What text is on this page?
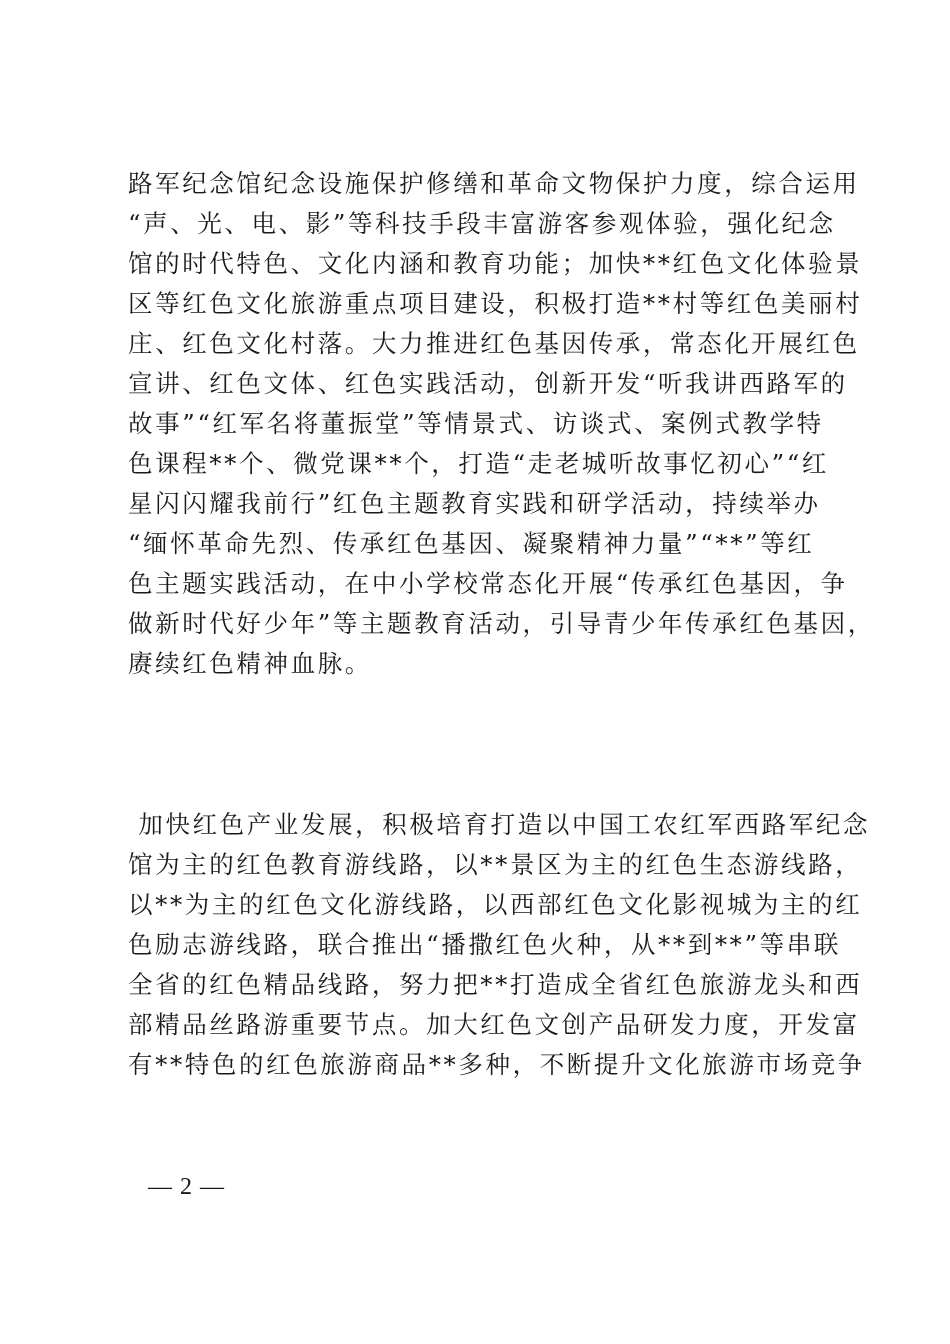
路军纪念馆纪念设施保护修缮和革命文物保护力度，综合运用
“声、光、电、影”等科技手段丰富游客参观体验，强化纪念
馆的时代特色、文化内涵和教育功能；加快**红色文化体验景
区等红色文化旅游重点项目建设，积极打造**村等红色美丽村
庄、红色文化村落。大力推进红色基因传承，常态化开展红色
宣讲、红色文体、红色实践活动，创新开发“听我讲西路军的
故事”“红军名将董振堂”等情景式、访谈式、案例式教学特
色课程**个、微党课**个，打造“走老城听故事忆初心”“红
星闪闪耀我前行”红色主题教育实践和研学活动，持续举办
“缅怀革命先烈、传承红色基因、凝聚精神力量”“**”等红
色主题实践活动，在中小学校常态化开展“传承红色基因，争
做新时代好少年”等主题教育活动，引导青少年传承红色基因，
赓续红色精神血脉。
加快红色产业发展，积极培育打造以中国工农红军西路军纪念
馆为主的红色教育游线路，以**景区为主的红色生态游线路，
以**为主的红色文化游线路，以西部红色文化影视城为主的红
色励志游线路，联合推出“播撒红色火种，从**到**”等串联
全省的红色精品线路，努力把**打造成全省红色旅游龙头和西
部精品丝路游重要节点。加大红色文创产品研发力度，开发富
有**特色的红色旅游商品**多种，不断提升文化旅游市场竞争
— 2 —
